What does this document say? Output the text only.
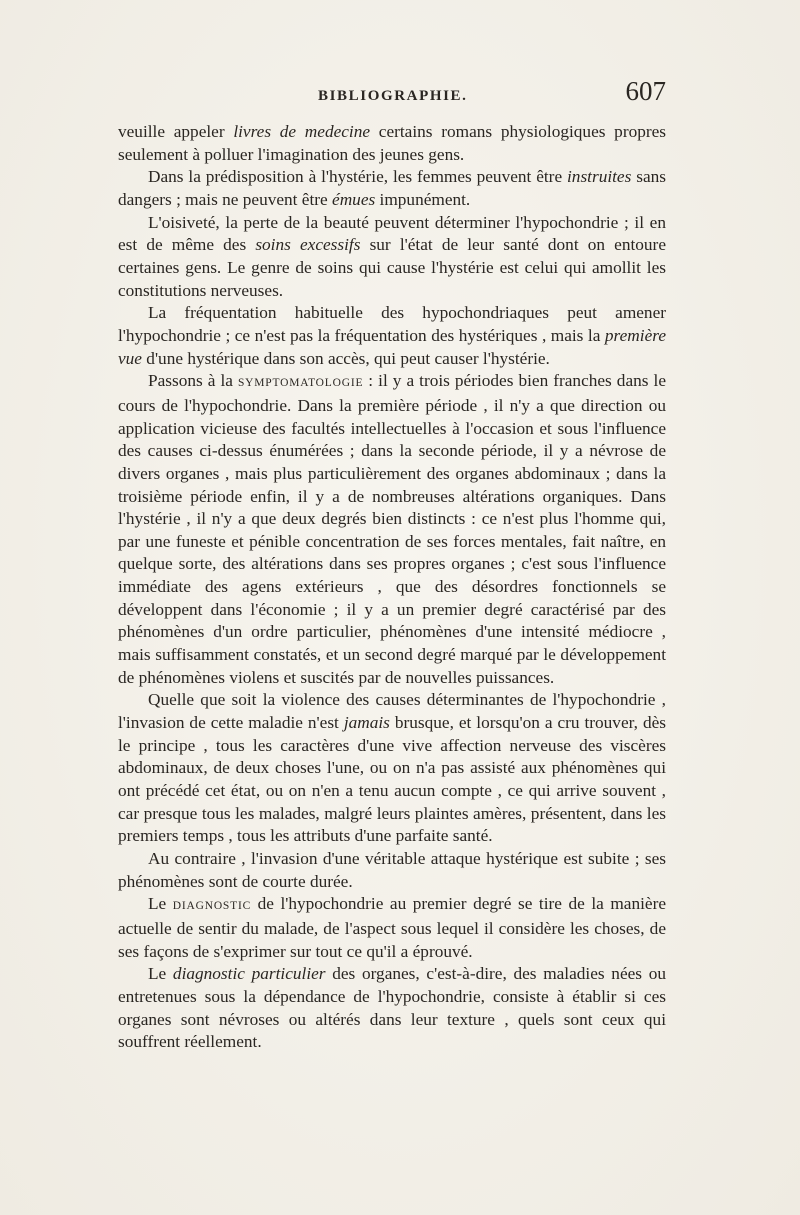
BIBLIOGRAPHIE.	607

veuille appeler livres de medecine certains romans physiologiques propres seulement à polluer l'imagination des jeunes gens.

Dans la prédisposition à l'hystérie, les femmes peuvent être instruites sans dangers ; mais ne peuvent être émues impunément.

L'oisiveté, la perte de la beauté peuvent déterminer l'hypochondrie ; il en est de même des soins excessifs sur l'état de leur santé dont on entoure certaines gens. Le genre de soins qui cause l'hystérie est celui qui amollit les constitutions nerveuses.

La fréquentation habituelle des hypochondriaques peut amener l'hypochondrie ; ce n'est pas la fréquentation des hystériques , mais la première vue d'une hystérique dans son accès, qui peut causer l'hystérie.

Passons à la SYMPTOMATOLOGIE : il y a trois périodes bien franches dans le cours de l'hypochondrie. Dans la première période , il n'y a que direction ou application vicieuse des facultés intellectuelles à l'occasion et sous l'influence des causes ci-dessus énumérées ; dans la seconde période, il y a névrose de divers organes , mais plus particulièrement des organes abdominaux ; dans la troisième période enfin, il y a de nombreuses altérations organiques. Dans l'hystérie , il n'y a que deux degrés bien distincts : ce n'est plus l'homme qui, par une funeste et pénible concentration de ses forces mentales, fait naître, en quelque sorte, des altérations dans ses propres organes ; c'est sous l'influence immédiate des agens extérieurs , que des désordres fonctionnels se développent dans l'économie ; il y a un premier degré caractérisé par des phénomènes d'un ordre particulier, phénomènes d'une intensité médiocre , mais suffisamment constatés, et un second degré marqué par le développement de phénomènes violens et suscités par de nouvelles puissances.

Quelle que soit la violence des causes déterminantes de l'hypochondrie , l'invasion de cette maladie n'est jamais brusque, et lorsqu'on a cru trouver, dès le principe , tous les caractères d'une vive affection nerveuse des viscères abdominaux, de deux choses l'une, ou on n'a pas assisté aux phénomènes qui ont précédé cet état, ou on n'en a tenu aucun compte , ce qui arrive souvent , car presque tous les malades, malgré leurs plaintes amères, présentent, dans les premiers temps , tous les attributs d'une parfaite santé.

Au contraire , l'invasion d'une véritable attaque hystérique est subite ; ses phénomènes sont de courte durée.

Le DIAGNOSTIC de l'hypochondrie au premier degré se tire de la manière actuelle de sentir du malade, de l'aspect sous lequel il considère les choses, de ses façons de s'exprimer sur tout ce qu'il a éprouvé.

Le diagnostic particulier des organes, c'est-à-dire, des maladies nées ou entretenues sous la dépendance de l'hypochondrie, consiste à établir si ces organes sont névroses ou altérés dans leur texture , quels sont ceux qui souffrent réellement.
